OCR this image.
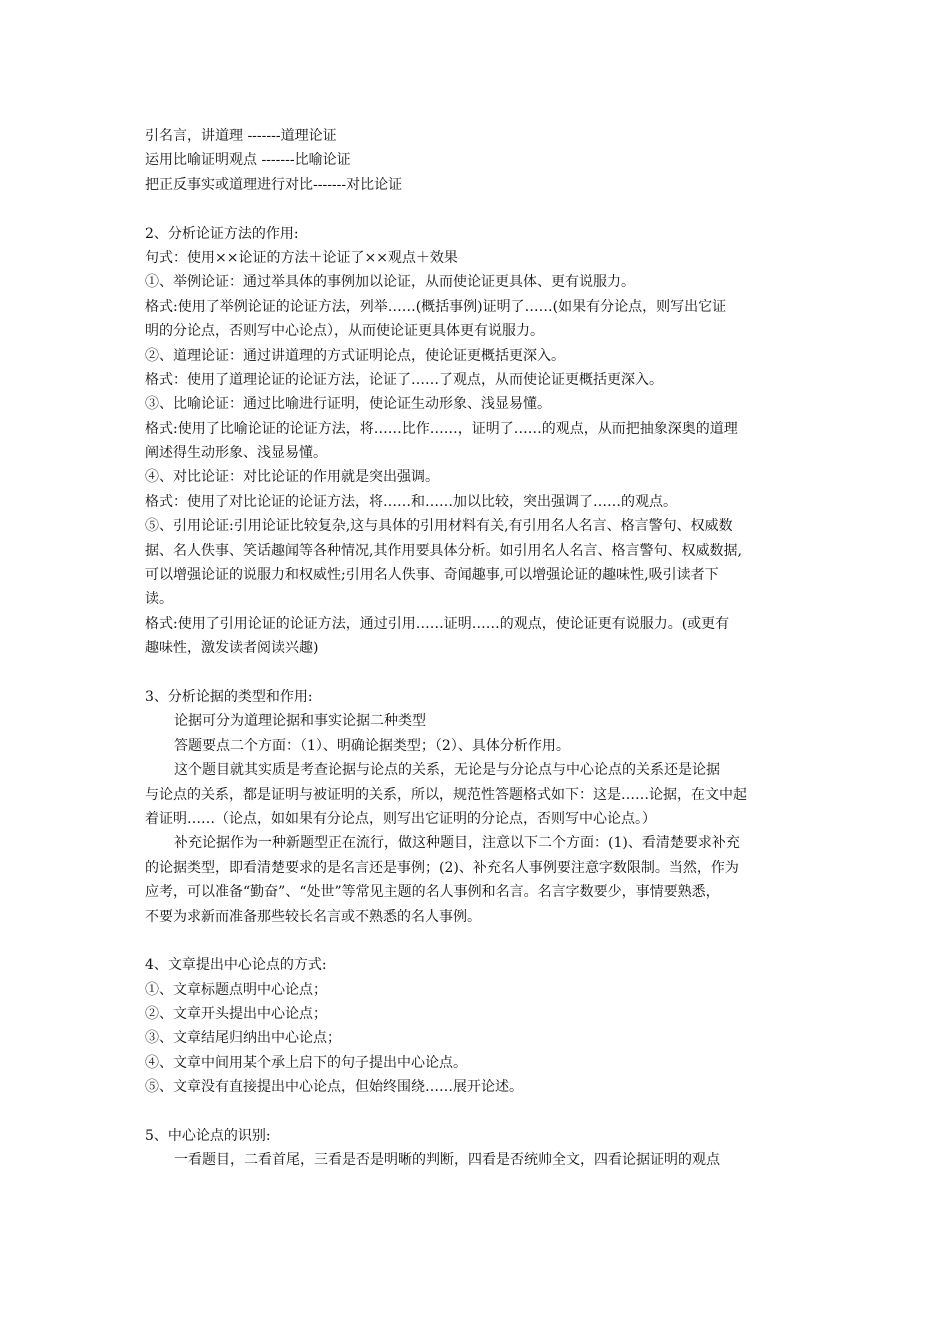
引名言，讲道理 -------道理论证
运用比喻证明观点 -------比喻论证
把正反事实或道理进行对比-------对比论证
2、分析论证方法的作用:
句式：使用××论证的方法＋论证了××观点＋效果
①、举例论证：通过举具体的事例加以论证，从而使论证更具体、更有说服力。
格式:使用了举例论证的论证方法，列举……(概括事例)证明了……(如果有分论点，则写出它证
明的分论点，否则写中心论点），从而使论证更具体更有说服力。
②、道理论证：通过讲道理的方式证明论点，使论证更概括更深入。
格式：使用了道理论证的论证方法，论证了……了观点，从而使论证更概括更深入。
③、比喻论证：通过比喻进行证明，使论证生动形象、浅显易懂。
格式:使用了比喻论证的论证方法，将……比作……，证明了……的观点，从而把抽象深奥的道理
阐述得生动形象、浅显易懂。
④、对比论证：对比论证的作用就是突出强调。
格式：使用了对比论证的论证方法，将……和……加以比较，突出强调了……的观点。
⑤、引用论证:引用论证比较复杂,这与具体的引用材料有关,有引用名人名言、格言警句、权威数
据、名人佚事、笑话趣闻等各种情况,其作用要具体分析。如引用名人名言、格言警句、权威数据,
可以增强论证的说服力和权威性;引用名人佚事、奇闻趣事,可以增强论证的趣味性,吸引读者下
读。
格式:使用了引用论证的论证方法，通过引用……证明……的观点，使论证更有说服力。(或更有
趣味性，激发读者阅读兴趣)
3、分析论据的类型和作用:
论据可分为道理论据和事实论据二种类型
答题要点二个方面：（1）、明确论据类型；（2）、具体分析作用。
这个题目就其实质是考查论据与论点的关系，无论是与分论点与中心论点的关系还是论据
与论点的关系，都是证明与被证明的关系，所以，规范性答题格式如下：这是……论据，在文中起
着证明……（论点，如如果有分论点，则写出它证明的分论点，否则写中心论点。）
补充论据作为一种新题型正在流行，做这种题目，注意以下二个方面：(1)、看清楚要求补充
的论据类型，即看清楚要求的是名言还是事例；(2)、补充名人事例要注意字数限制。当然，作为
应考，可以准备“勤奋”、“处世”等常见主题的名人事例和名言。名言字数要少，事情要熟悉，
不要为求新而准备那些较长名言或不熟悉的名人事例。
4、文章提出中心论点的方式:
①、文章标题点明中心论点；
②、文章开头提出中心论点；
③、文章结尾归纳出中心论点；
④、文章中间用某个承上启下的句子提出中心论点。
⑤、文章没有直接提出中心论点，但始终围绕……展开论述。
5、中心论点的识别:
一看题目，二看首尾，三看是否是明晰的判断，四看是否统帅全文，四看论据证明的观点
